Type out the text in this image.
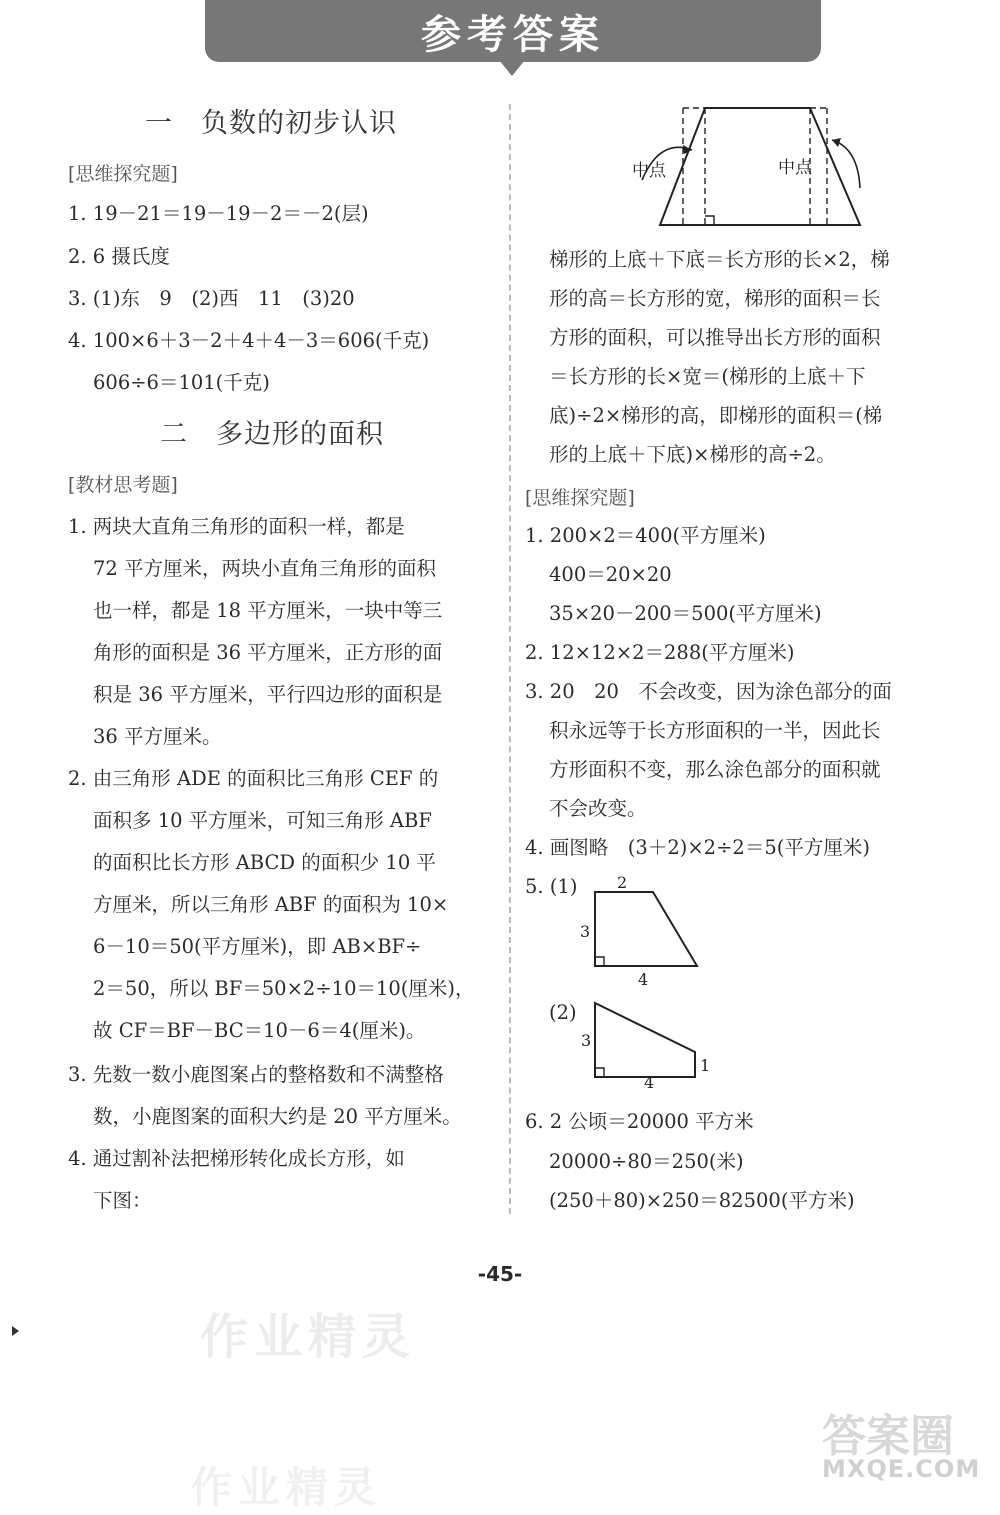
参考答案
一　负数的初步认识
[思维探究题]
1. 19－21＝19－19－2＝－2(层)
2. 6 摄氏度
3. (1)东　9　(2)西　11　(3)20
4. 100×6＋3－2＋4＋4－3＝606(千克)
606÷6＝101(千克)
二　多边形的面积
[教材思考题]
1. 两块大直角三角形的面积一样，都是
72 平方厘米，两块小直角三角形的面积
也一样，都是 18 平方厘米，一块中等三
角形的面积是 36 平方厘米，正方形的面
积是 36 平方厘米，平行四边形的面积是
36 平方厘米。
2. 由三角形 ADE 的面积比三角形 CEF 的
面积多 10 平方厘米，可知三角形 ABF
的面积比长方形 ABCD 的面积少 10 平
方厘米，所以三角形 ABF 的面积为 10×
6－10＝50(平方厘米)，即 AB×BF÷
2＝50，所以 BF＝50×2÷10＝10(厘米)，
故 CF＝BF－BC＝10－6＝4(厘米)。
3. 先数一数小鹿图案占的整格数和不满整格
数，小鹿图案的面积大约是 20 平方厘米。
4. 通过割补法把梯形转化成长方形，如
下图：
中点	中点
梯形的上底＋下底＝长方形的长×2，梯
形的高＝长方形的宽，梯形的面积＝长
方形的面积，可以推导出长方形的面积
＝长方形的长×宽＝(梯形的上底＋下
底)÷2×梯形的高，即梯形的面积＝(梯
形的上底＋下底)×梯形的高÷2。
[思维探究题]
1. 200×2＝400(平方厘米)
400＝20×20
35×20－200＝500(平方厘米)
2. 12×12×2＝288(平方厘米)
3. 20　20　不会改变，因为涂色部分的面
积永远等于长方形面积的一半，因此长
方形面积不变，那么涂色部分的面积就
不会改变。
4. 画图略　(3＋2)×2÷2＝5(平方厘米)
5. (1) 2
3
4
(2)
3
1
4
6. 2 公顷＝20000 平方米
20000÷80＝250(米)
(250＋80)×250＝82500(平方米)
-45-
作业精灵
作业精灵
答案圈
MXQE.COM
